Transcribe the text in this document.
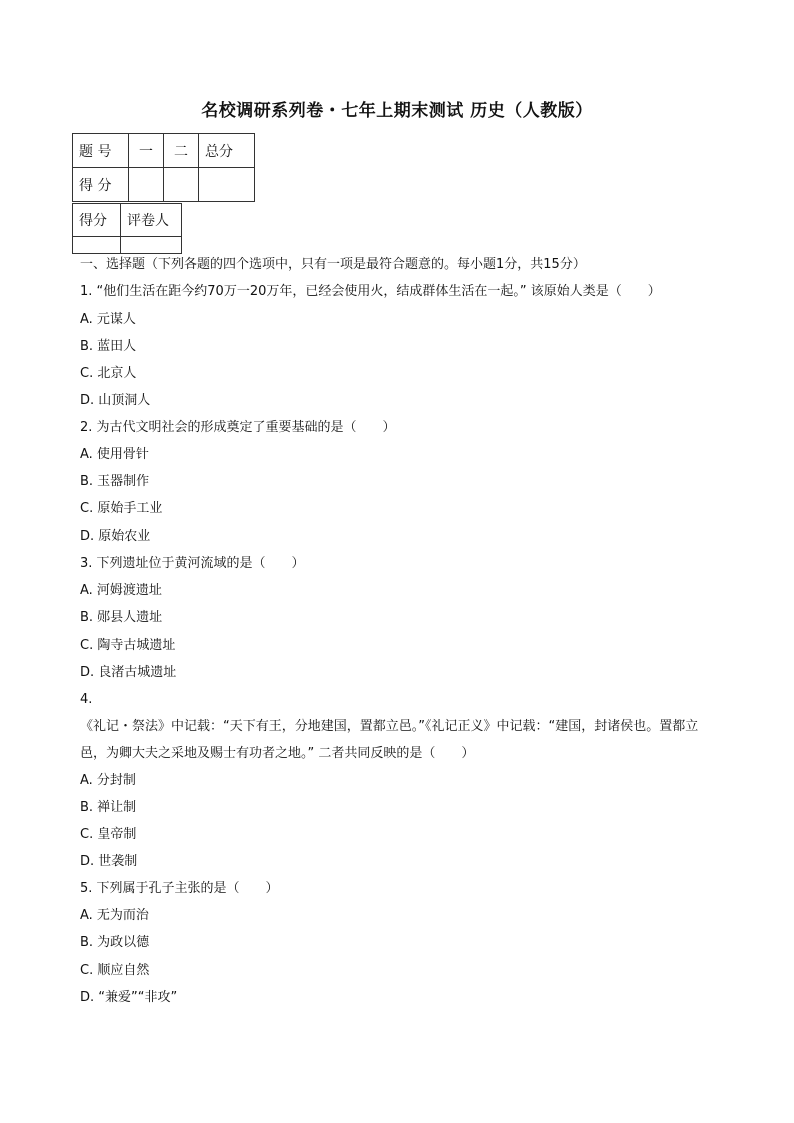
名校调研系列卷・七年上期末测试 历史（人教版）
题 号	一	二	总分
得 分			
得分	评卷人

一、选择题（下列各题的四个选项中，只有一项是最符合题意的。每小题1分，共15分）
1. “他们生活在距今约70万一20万年，已经会使用火，结成群体生活在一起。” 该原始人类是（　　）
A. 元谋人
B. 蓝田人
C. 北京人
D. 山顶洞人
2. 为古代文明社会的形成奠定了重要基础的是（　　）
A. 使用骨针
B. 玉器制作
C. 原始手工业
D. 原始农业
3. 下列遗址位于黄河流域的是（　　）
A. 河姆渡遗址
B. 郧县人遗址
C. 陶寺古城遗址
D. 良渚古城遗址
4.
《礼记・祭法》中记载：“天下有王，分地建国，置都立邑。”《礼记正义》中记载：“建国，封诸侯也。置都立邑，为卿大夫之采地及赐士有功者之地。” 二者共同反映的是（　　）
A. 分封制
B. 禅让制
C. 皇帝制
D. 世袭制
5. 下列属于孔子主张的是（　　）
A. 无为而治
B. 为政以德
C. 顺应自然
D. “兼爱”“非攻”
